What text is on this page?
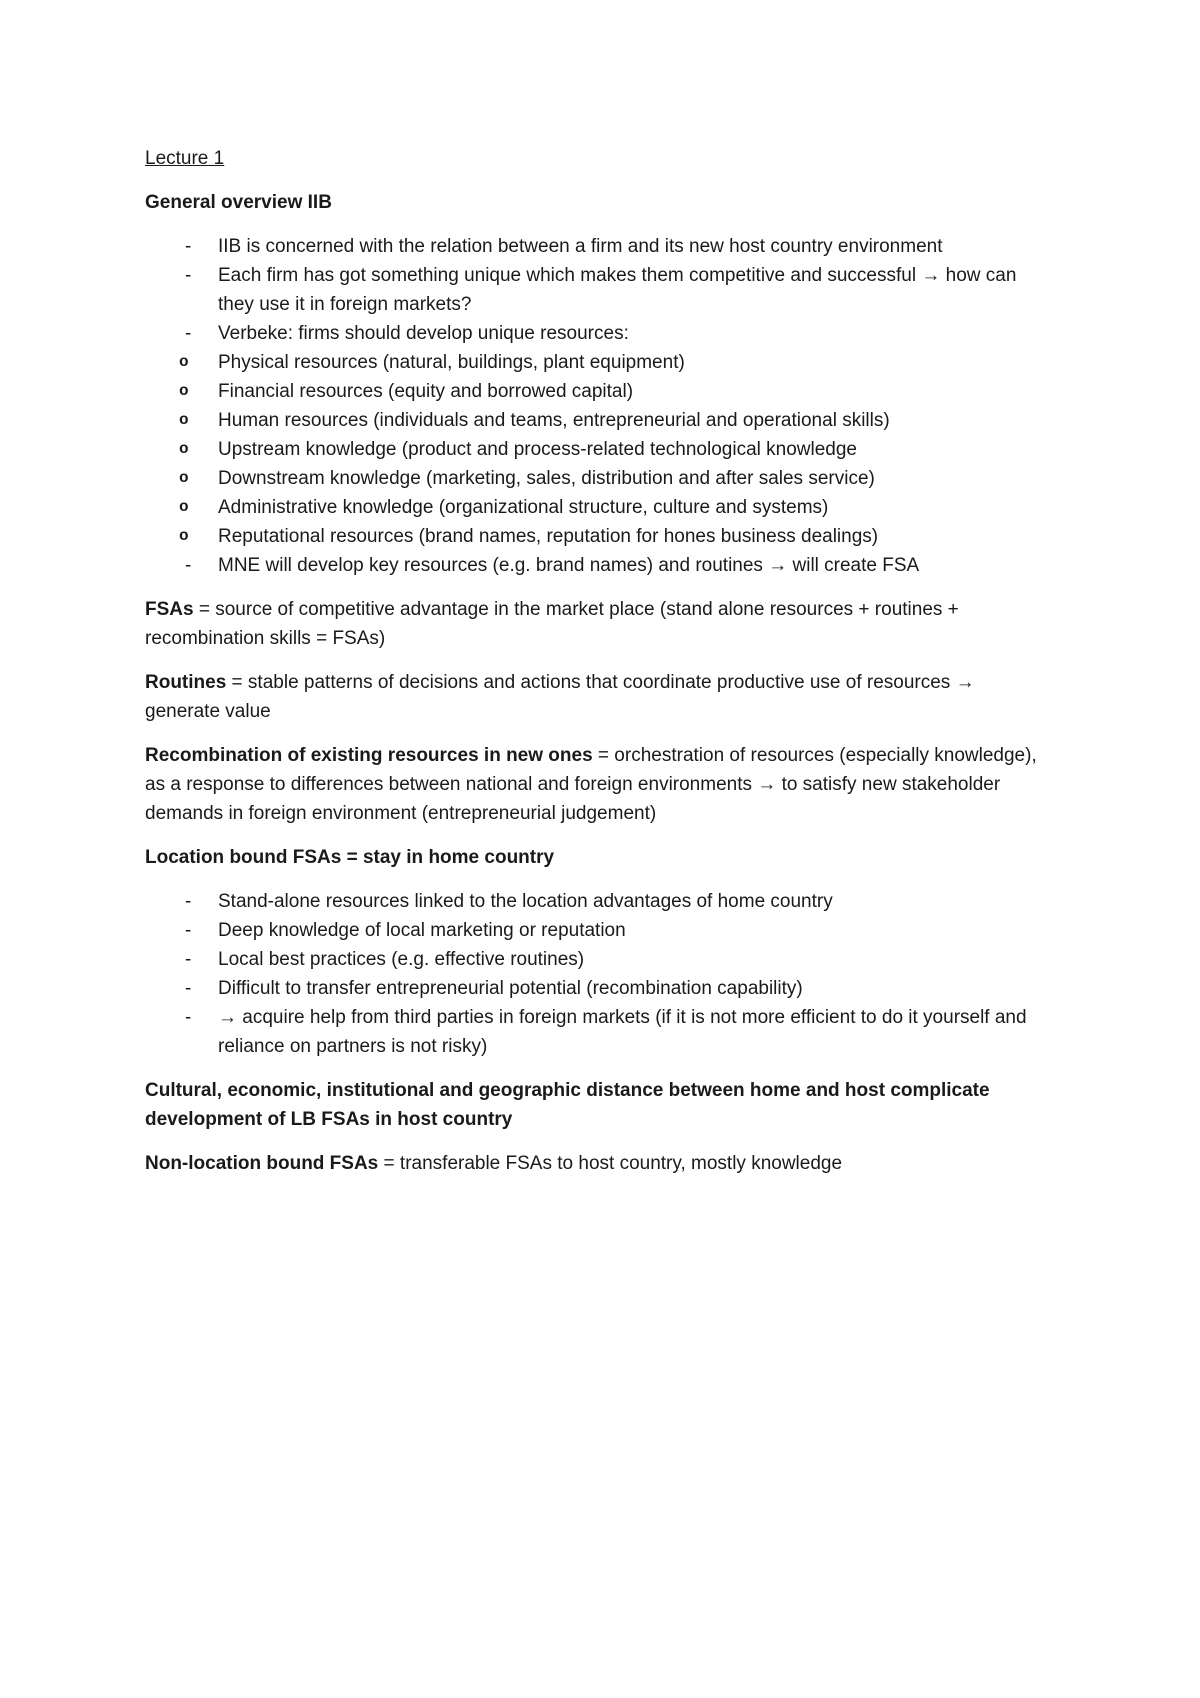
Lecture 1

General overview IIB

- IIB is concerned with the relation between a firm and its new host country environment
- Each firm has got something unique which makes them competitive and successful → how can they use it in foreign markets?
- Verbeke: firms should develop unique resources:
o Physical resources (natural, buildings, plant equipment)
o Financial resources (equity and borrowed capital)
o Human resources (individuals and teams, entrepreneurial and operational skills)
o Upstream knowledge (product and process-related technological knowledge
o Downstream knowledge (marketing, sales, distribution and after sales service)
o Administrative knowledge (organizational structure, culture and systems)
o Reputational resources (brand names, reputation for hones business dealings)
- MNE will develop key resources (e.g. brand names) and routines → will create FSA

FSAs = source of competitive advantage in the market place (stand alone resources + routines + recombination skills = FSAs)

Routines = stable patterns of decisions and actions that coordinate productive use of resources → generate value

Recombination of existing resources in new ones = orchestration of resources (especially knowledge), as a response to differences between national and foreign environments → to satisfy new stakeholder demands in foreign environment (entrepreneurial judgement)

Location bound FSAs = stay in home country

- Stand-alone resources linked to the location advantages of home country
- Deep knowledge of local marketing or reputation
- Local best practices (e.g. effective routines)
- Difficult to transfer entrepreneurial potential (recombination capability)
- → acquire help from third parties in foreign markets (if it is not more efficient to do it yourself and reliance on partners is not risky)

Cultural, economic, institutional and geographic distance between home and host complicate development of LB FSAs in host country

Non-location bound FSAs = transferable FSAs to host country, mostly knowledge
